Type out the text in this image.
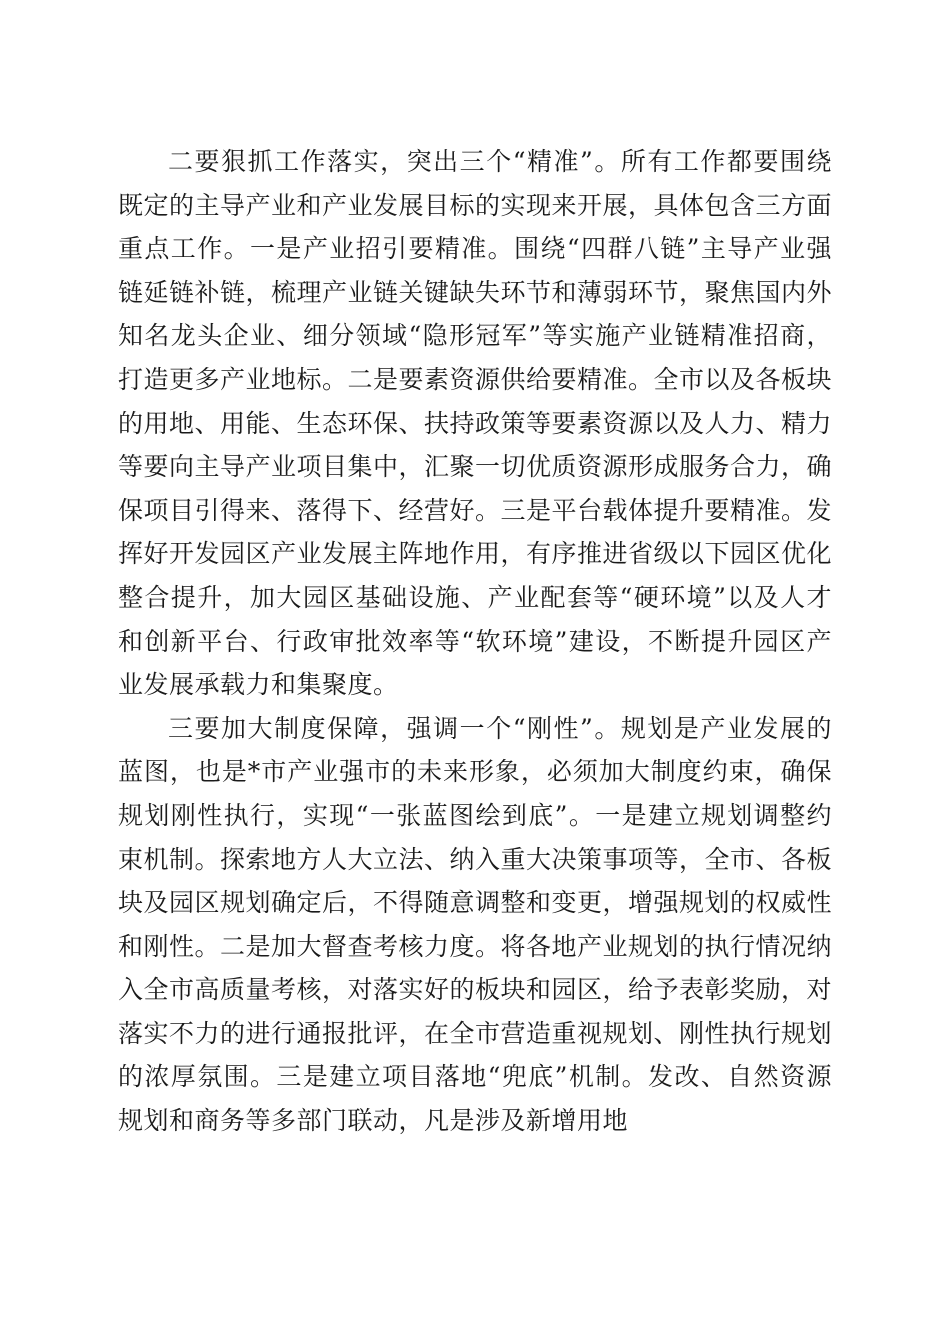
二要狠抓工作落实，突出三个“精准”。所有工作都要围绕既定的主导产业和产业发展目标的实现来开展，具体包含三方面重点工作。一是产业招引要精准。围绕“四群八链”主导产业强链延链补链，梳理产业链关键缺失环节和薄弱环节，聚焦国内外知名龙头企业、细分领域“隐形冠军”等实施产业链精准招商，打造更多产业地标。二是要素资源供给要精准。全市以及各板块的用地、用能、生态环保、扶持政策等要素资源以及人力、精力等要向主导产业项目集中，汇聚一切优质资源形成服务合力，确保项目引得来、落得下、经营好。三是平台载体提升要精准。发挥好开发园区产业发展主阵地作用，有序推进省级以下园区优化整合提升，加大园区基础设施、产业配套等“硬环境”以及人才和创新平台、行政审批效率等“软环境”建设，不断提升园区产业发展承载力和集聚度。

三要加大制度保障，强调一个“刚性”。规划是产业发展的蓝图，也是*市产业强市的未来形象，必须加大制度约束，确保规划刚性执行，实现“一张蓝图绘到底”。一是建立规划调整约束机制。探索地方人大立法、纳入重大决策事项等，全市、各板块及园区规划确定后，不得随意调整和变更，增强规划的权威性和刚性。二是加大督查考核力度。将各地产业规划的执行情况纳入全市高质量考核，对落实好的板块和园区，给予表彰奖励，对落实不力的进行通报批评，在全市营造重视规划、刚性执行规划的浓厚氛围。三是建立项目落地“兜底”机制。发改、自然资源规划和商务等多部门联动，凡是涉及新增用地
